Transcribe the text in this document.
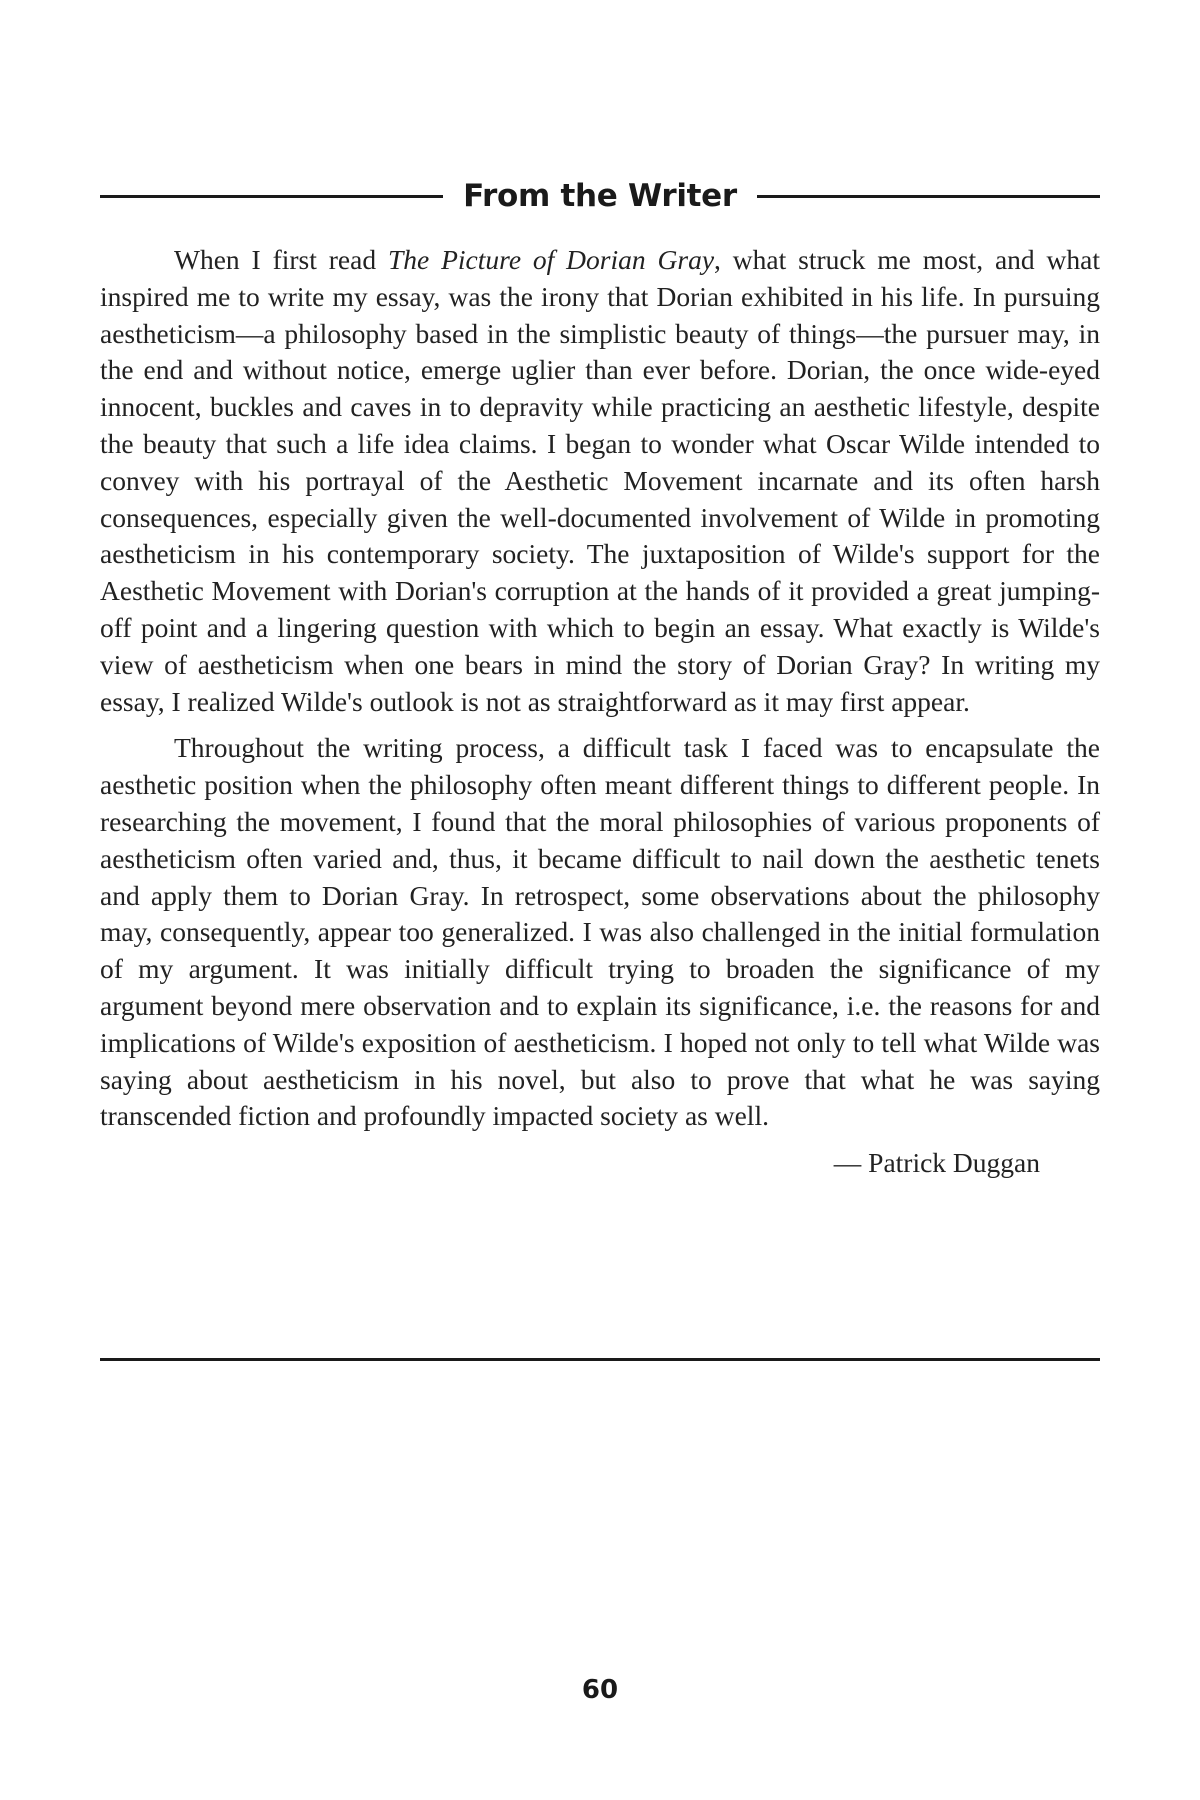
From the Writer

When I first read The Picture of Dorian Gray, what struck me most, and what inspired me to write my essay, was the irony that Dorian exhibited in his life. In pursuing aestheticism—a philosophy based in the simplistic beauty of things—the pursuer may, in the end and without notice, emerge uglier than ever before. Dorian, the once wide-eyed innocent, buckles and caves in to depravity while practicing an aesthetic lifestyle, despite the beauty that such a life idea claims. I began to wonder what Oscar Wilde intended to convey with his portrayal of the Aesthetic Movement incarnate and its often harsh consequences, especially given the well-documented involvement of Wilde in promoting aestheticism in his contemporary society. The juxtaposition of Wilde's support for the Aesthetic Movement with Dorian's corruption at the hands of it provided a great jumping-off point and a lingering question with which to begin an essay. What exactly is Wilde's view of aestheticism when one bears in mind the story of Dorian Gray? In writing my essay, I realized Wilde's outlook is not as straightforward as it may first appear.

Throughout the writing process, a difficult task I faced was to encapsulate the aesthetic position when the philosophy often meant different things to different people. In researching the movement, I found that the moral philosophies of various proponents of aestheticism often varied and, thus, it became difficult to nail down the aesthetic tenets and apply them to Dorian Gray. In retrospect, some observations about the philosophy may, consequently, appear too generalized. I was also challenged in the initial formulation of my argument. It was initially difficult trying to broaden the significance of my argument beyond mere observation and to explain its significance, i.e. the reasons for and implications of Wilde's exposition of aestheticism. I hoped not only to tell what Wilde was saying about aestheticism in his novel, but also to prove that what he was saying transcended fiction and profoundly impacted society as well.

— Patrick Duggan
60
